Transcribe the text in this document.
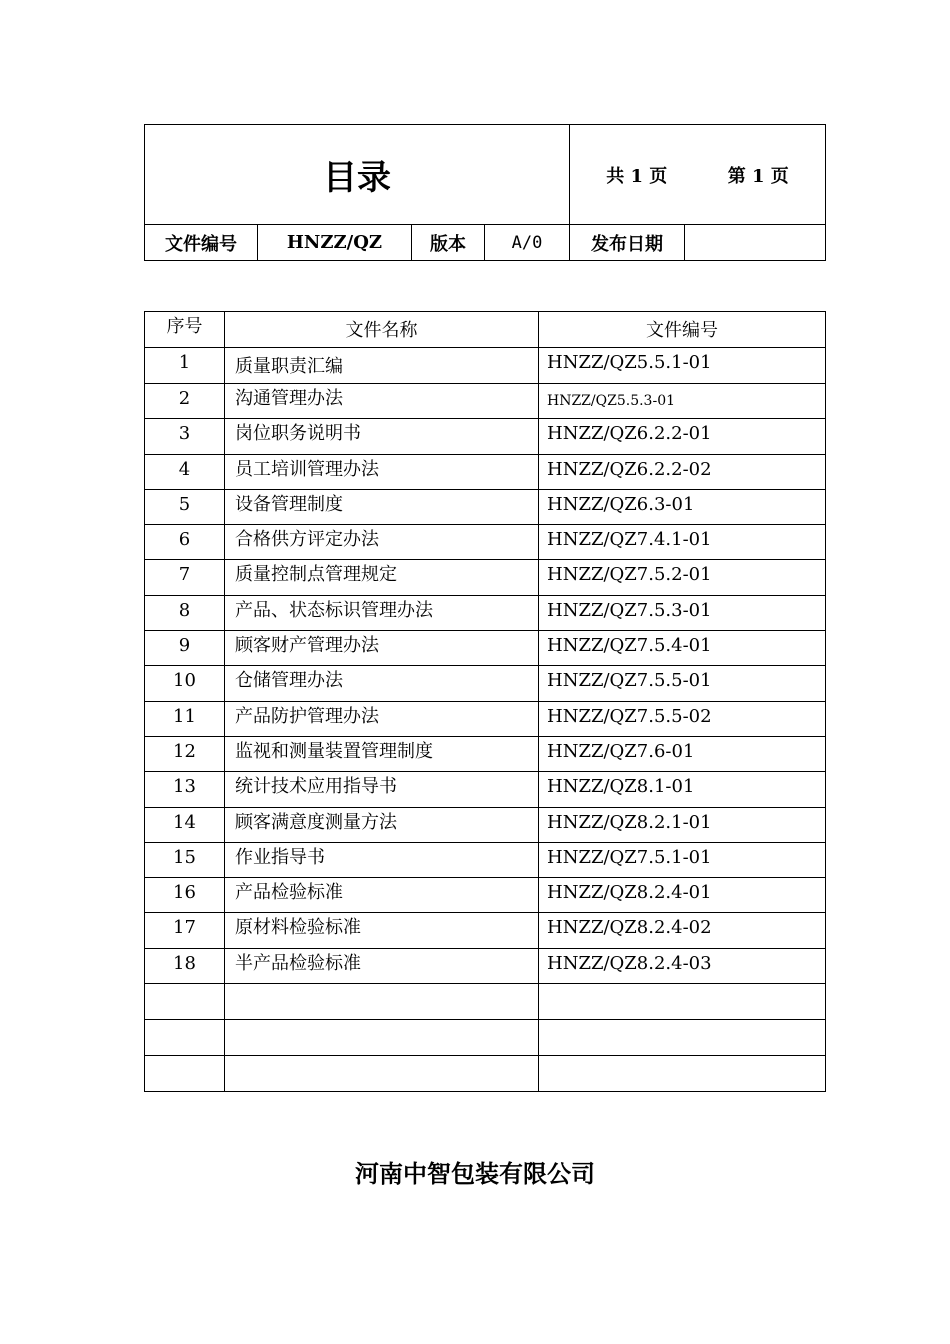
目录				共 1 页 第 1 页	

文件编号	HNZZ/QZ	版本	A/0	发布日期	
序号	文件名称	文件编号
1	质量职责汇编	HNZZ/QZ5.5.1-01
2	沟通管理办法	HNZZ/QZ5.5.3-01
3	岗位职务说明书	HNZZ/QZ6.2.2-01
4	员工培训管理办法	HNZZ/QZ6.2.2-02
5	设备管理制度	HNZZ/QZ6.3-01
6	合格供方评定办法	HNZZ/QZ7.4.1-01
7	质量控制点管理规定	HNZZ/QZ7.5.2-01
8	产品、状态标识管理办法	HNZZ/QZ7.5.3-01
9	顾客财产管理办法	HNZZ/QZ7.5.4-01
10	仓储管理办法	HNZZ/QZ7.5.5-01
11	产品防护管理办法	HNZZ/QZ7.5.5-02
12	监视和测量装置管理制度	HNZZ/QZ7.6-01
13	统计技术应用指导书	HNZZ/QZ8.1-01
14	顾客满意度测量方法	HNZZ/QZ8.2.1-01
15	作业指导书	HNZZ/QZ7.5.1-01
16	产品检验标准	HNZZ/QZ8.2.4-01
17	原材料检验标准	HNZZ/QZ8.2.4-02
18	半产品检验标准	HNZZ/QZ8.2.4-03

河南中智包装有限公司
